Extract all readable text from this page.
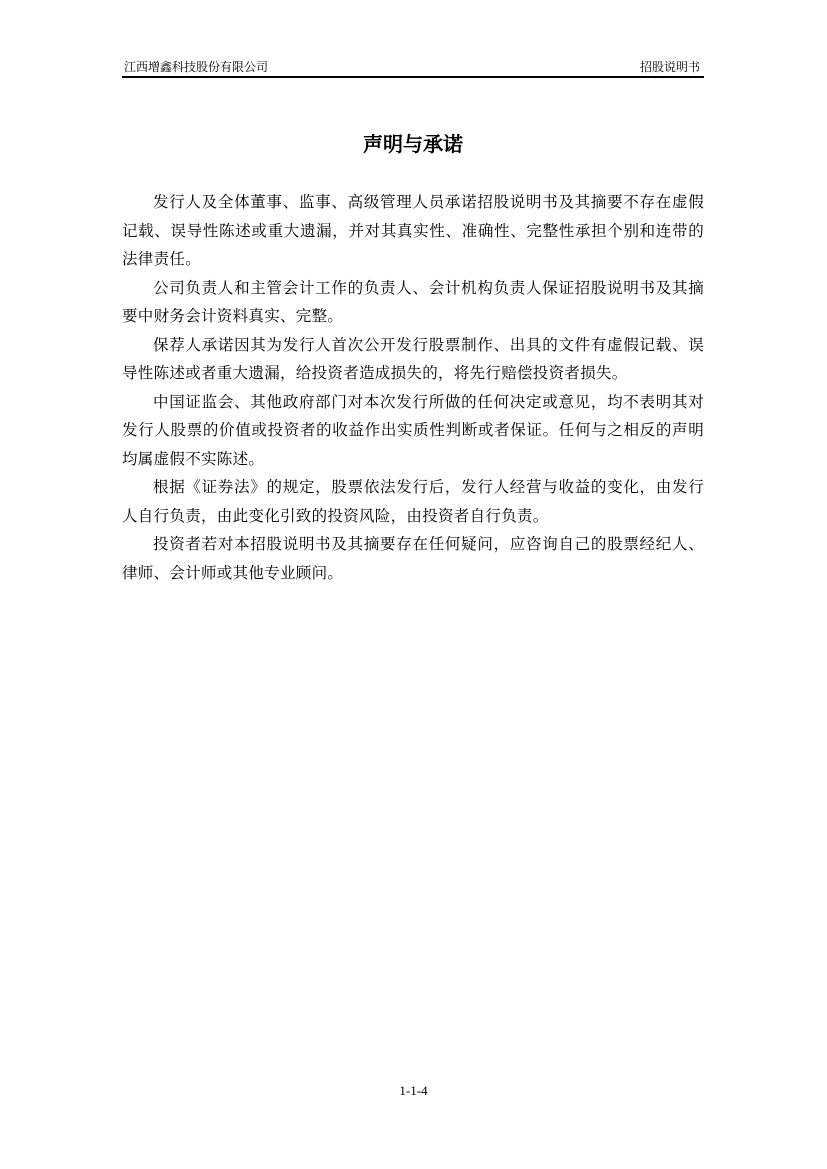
江西增鑫科技股份有限公司	招股说明书
声明与承诺

发行人及全体董事、监事、高级管理人员承诺招股说明书及其摘要不存在虚假记载、误导性陈述或重大遗漏，并对其真实性、准确性、完整性承担个别和连带的法律责任。

公司负责人和主管会计工作的负责人、会计机构负责人保证招股说明书及其摘要中财务会计资料真实、完整。

保荐人承诺因其为发行人首次公开发行股票制作、出具的文件有虚假记载、误导性陈述或者重大遗漏，给投资者造成损失的，将先行赔偿投资者损失。

中国证监会、其他政府部门对本次发行所做的任何决定或意见，均不表明其对发行人股票的价值或投资者的收益作出实质性判断或者保证。任何与之相反的声明均属虚假不实陈述。

根据《证券法》的规定，股票依法发行后，发行人经营与收益的变化，由发行人自行负责，由此变化引致的投资风险，由投资者自行负责。

投资者若对本招股说明书及其摘要存在任何疑问，应咨询自己的股票经纪人、律师、会计师或其他专业顾问。

1-1-4
